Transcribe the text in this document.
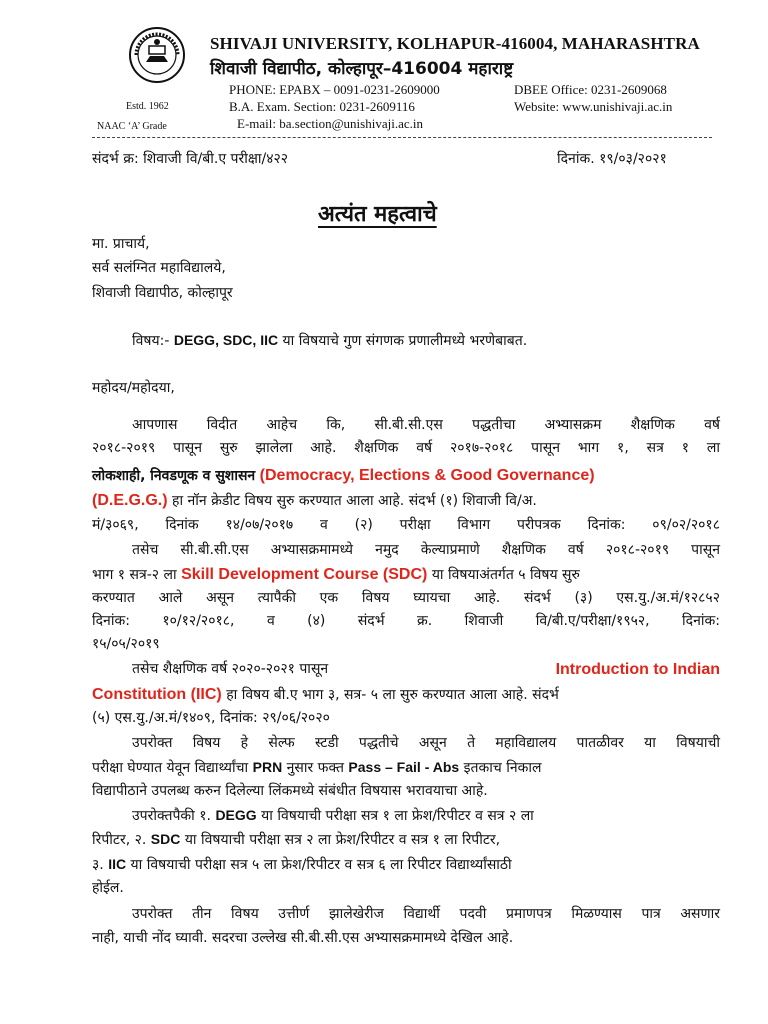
Estd. 1962
NAAC ‘A’ Grade
SHIVAJI UNIVERSITY, KOLHAPUR-416004, MAHARASHTRA
शिवाजी विद्यापीठ, कोल्हापूर–416004 महाराष्ट्र
PHONE: EPABX – 0091-0231-2609000	DBEE Office: 0231-2609068
B.A. Exam. Section: 0231-2609116	Website: www.unishivaji.ac.in
E-mail: ba.section@unishivaji.ac.in
संदर्भ क्र: शिवाजी वि/बी.ए परीक्षा/४२२	दिनांक. १९/०३/२०२१
अत्यंत महत्वाचे
मा. प्राचार्य,
सर्व सलंग्नित महाविद्यालये,
शिवाजी विद्यापीठ, कोल्हापूर
विषय:- DEGG, SDC, IIC या विषयाचे गुण संगणक प्रणालीमध्ये भरणेबाबत.
महोदय/महोदया,
आपणास विदीत आहेच कि, सी.बी.सी.एस पद्धतीचा अभ्यासक्रम शैक्षणिक वर्ष
२०१८-२०१९ पासून सुरु झालेला आहे. शैक्षणिक वर्ष २०१७-२०१८ पासून भाग १, सत्र १ ला
लोकशाही, निवडणूक व सुशासन (Democracy, Elections & Good Governance)
(D.E.G.G.) हा नॉन क्रेडीट विषय सुरु करण्यात आला आहे. संदर्भ (१) शिवाजी वि/अ.
मं/३०६९, दिनांक १४/०७/२०१७ व (२) परीक्षा विभाग परीपत्रक दिनांक: ०९/०२/२०१८
तसेच सी.बी.सी.एस अभ्यासक्रमामध्ये नमुद केल्याप्रमाणे शैक्षणिक वर्ष २०१८-२०१९ पासून
भाग १ सत्र-२ ला Skill Development Course (SDC) या विषयाअंतर्गत ५ विषय सुरु
करण्यात आले असून त्यापैकी एक विषय घ्यायचा आहे. संदर्भ (३) एस.यु./अ.मं/१२८५२
दिनांक: १०/१२/२०१८, व (४) संदर्भ क्र. शिवाजी वि/बी.ए/परीक्षा/१९५२, दिनांक:
१५/०५/२०१९
तसेच शैक्षणिक वर्ष २०२०-२०२१ पासून	Introduction to Indian
Constitution (IIC) हा विषय बी.ए भाग ३, सत्र- ५ ला सुरु करण्यात आला आहे. संदर्भ
(५) एस.यु./अ.मं/१४०९, दिनांक: २९/०६/२०२०
उपरोक्त विषय हे सेल्फ स्टडी पद्धतीचे असून ते महाविद्यालय पातळीवर या विषयाची
परीक्षा घेण्यात येवून विद्यार्थ्यांचा PRN नुसार फक्त Pass – Fail - Abs इतकाच निकाल
विद्यापीठाने उपलब्ध करुन दिलेल्या लिंकमध्ये संबंधीत विषयास भरावयाचा आहे.
उपरोक्तपैकी १. DEGG या विषयाची परीक्षा सत्र १ ला फ्रेश/रिपीटर व सत्र २ ला
रिपीटर, २. SDC या विषयाची परीक्षा सत्र २ ला फ्रेश/रिपीटर व सत्र १ ला रिपीटर,
३. IIC या विषयाची परीक्षा सत्र ५ ला फ्रेश/रिपीटर व सत्र ६ ला रिपीटर विद्यार्थ्यांसाठी
होईल.
उपरोक्त तीन विषय उत्तीर्ण झालेखेरीज विद्यार्थी पदवी प्रमाणपत्र मिळण्यास पात्र असणार
नाही, याची नोंद घ्यावी. सदरचा उल्लेख सी.बी.सी.एस अभ्यासक्रमामध्ये देखिल आहे.
